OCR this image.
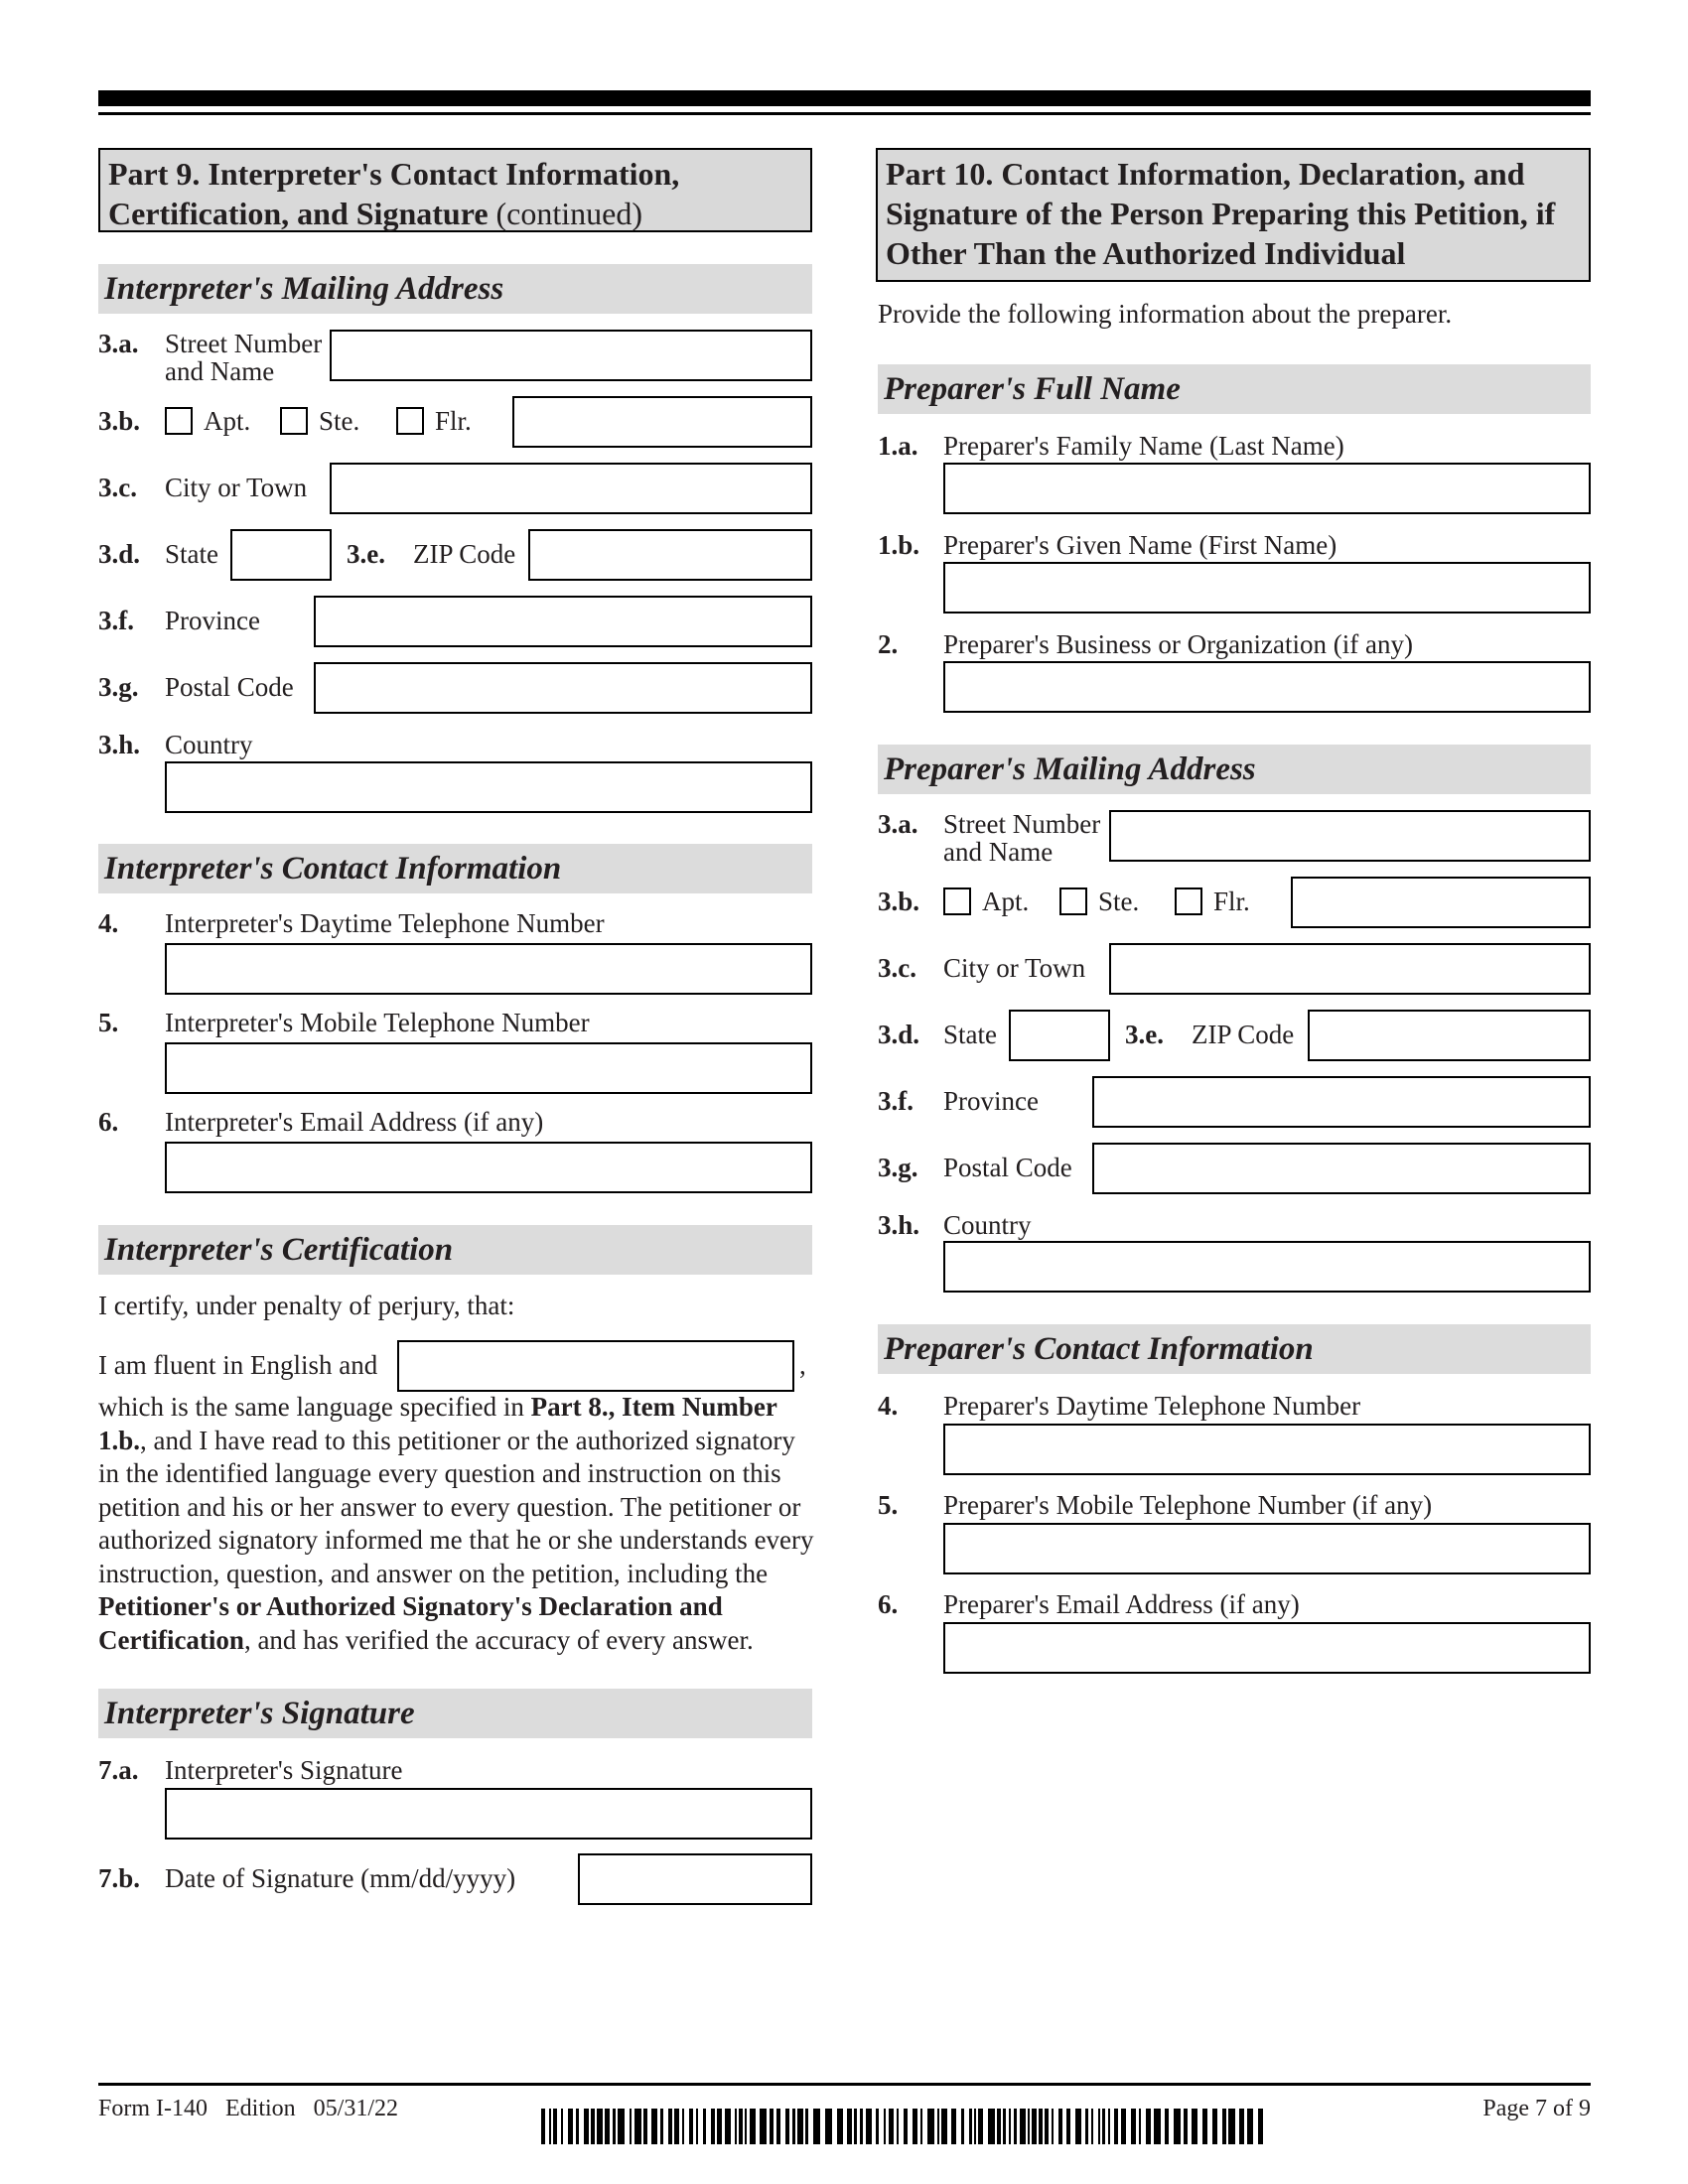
Part 9. Interpreter's Contact Information, Certification, and Signature (continued)
Interpreter's Mailing Address
3.a. Street Number
and Name
3.b. Apt.	Ste.	Flr.
3.c. City or Town
3.d. State	3.e. ZIP Code
3.f. Province
3.g. Postal Code
3.h. Country
Interpreter's Contact Information
4. Interpreter's Daytime Telephone Number
5. Interpreter's Mobile Telephone Number
6. Interpreter's Email Address (if any)
Interpreter's Certification
I certify, under penalty of perjury, that:
I am fluent in English and	,
which is the same language specified in Part 8., Item Number 1.b., and I have read to this petitioner or the authorized signatory in the identified language every question and instruction on this petition and his or her answer to every question. The petitioner or authorized signatory informed me that he or she understands every instruction, question, and answer on the petition, including the Petitioner's or Authorized Signatory's Declaration and Certification, and has verified the accuracy of every answer.
Interpreter's Signature
7.a. Interpreter's Signature
7.b. Date of Signature (mm/dd/yyyy)
Part 10. Contact Information, Declaration, and Signature of the Person Preparing this Petition, if Other Than the Authorized Individual
Provide the following information about the preparer.
Preparer's Full Name
1.a. Preparer's Family Name (Last Name)
1.b. Preparer's Given Name (First Name)
2. Preparer's Business or Organization (if any)
Preparer's Mailing Address
3.a. Street Number
and Name
3.b. Apt.	Ste.	Flr.
3.c. City or Town
3.d. State	3.e. ZIP Code
3.f. Province
3.g. Postal Code
3.h. Country
Preparer's Contact Information
4. Preparer's Daytime Telephone Number
5. Preparer's Mobile Telephone Number (if any)
6. Preparer's Email Address (if any)
Form I-140   Edition   05/31/22	Page 7 of 9
